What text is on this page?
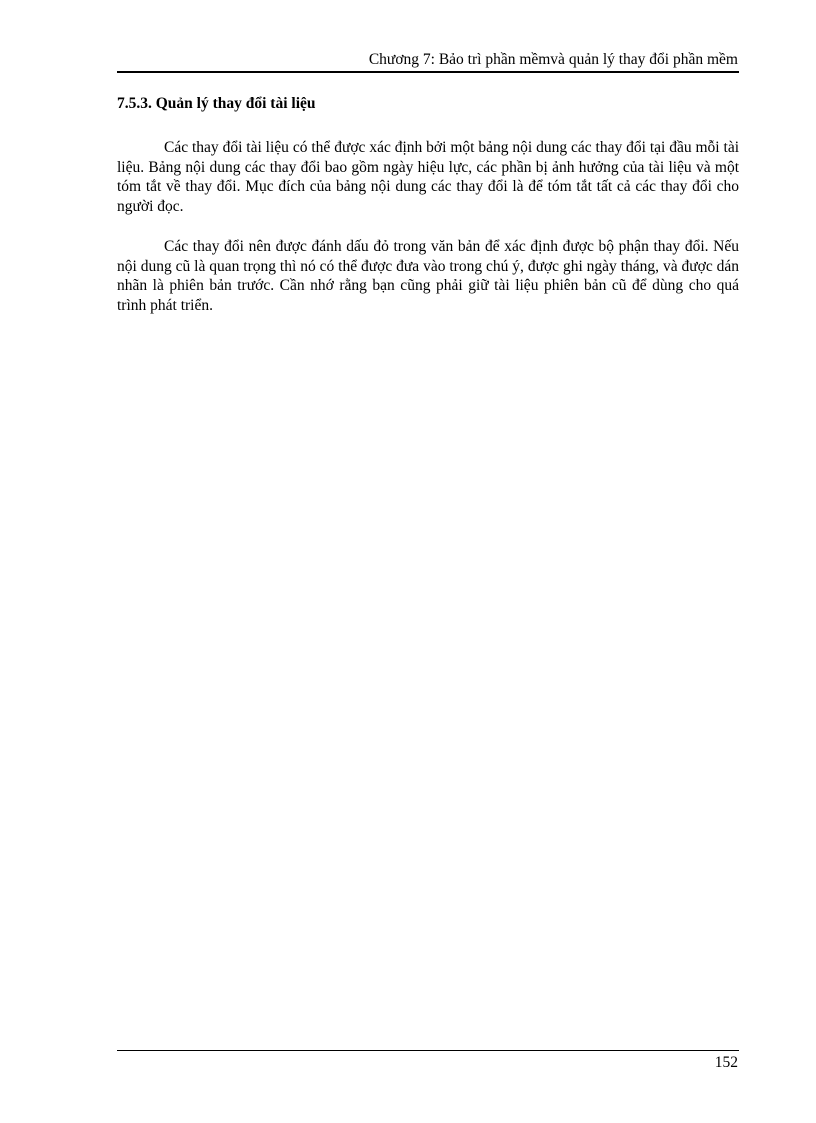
Chương 7: Bảo trì phần mềmvà quản lý thay đổi phần mềm
7.5.3. Quản lý thay đổi tài liệu

Các thay đổi tài liệu có thể được xác định bởi một bảng nội dung các thay đổi tại đầu mỗi tài liệu. Bảng nội dung các thay đổi bao gồm ngày hiệu lực, các phần bị ảnh hưởng của tài liệu và một tóm tắt về thay đổi. Mục đích của bảng nội dung các thay đổi là để tóm tắt tất cả các thay đổi cho người đọc.

Các thay đổi nên được đánh dấu đỏ trong văn bản để xác định được bộ phận thay đổi. Nếu nội dung cũ là quan trọng thì nó có thể được đưa vào trong chú ý, được ghi ngày tháng, và được dán nhãn là phiên bản trước. Cần nhớ rằng bạn cũng phải giữ tài liệu phiên bản cũ để dùng cho quá trình phát triển.

152
